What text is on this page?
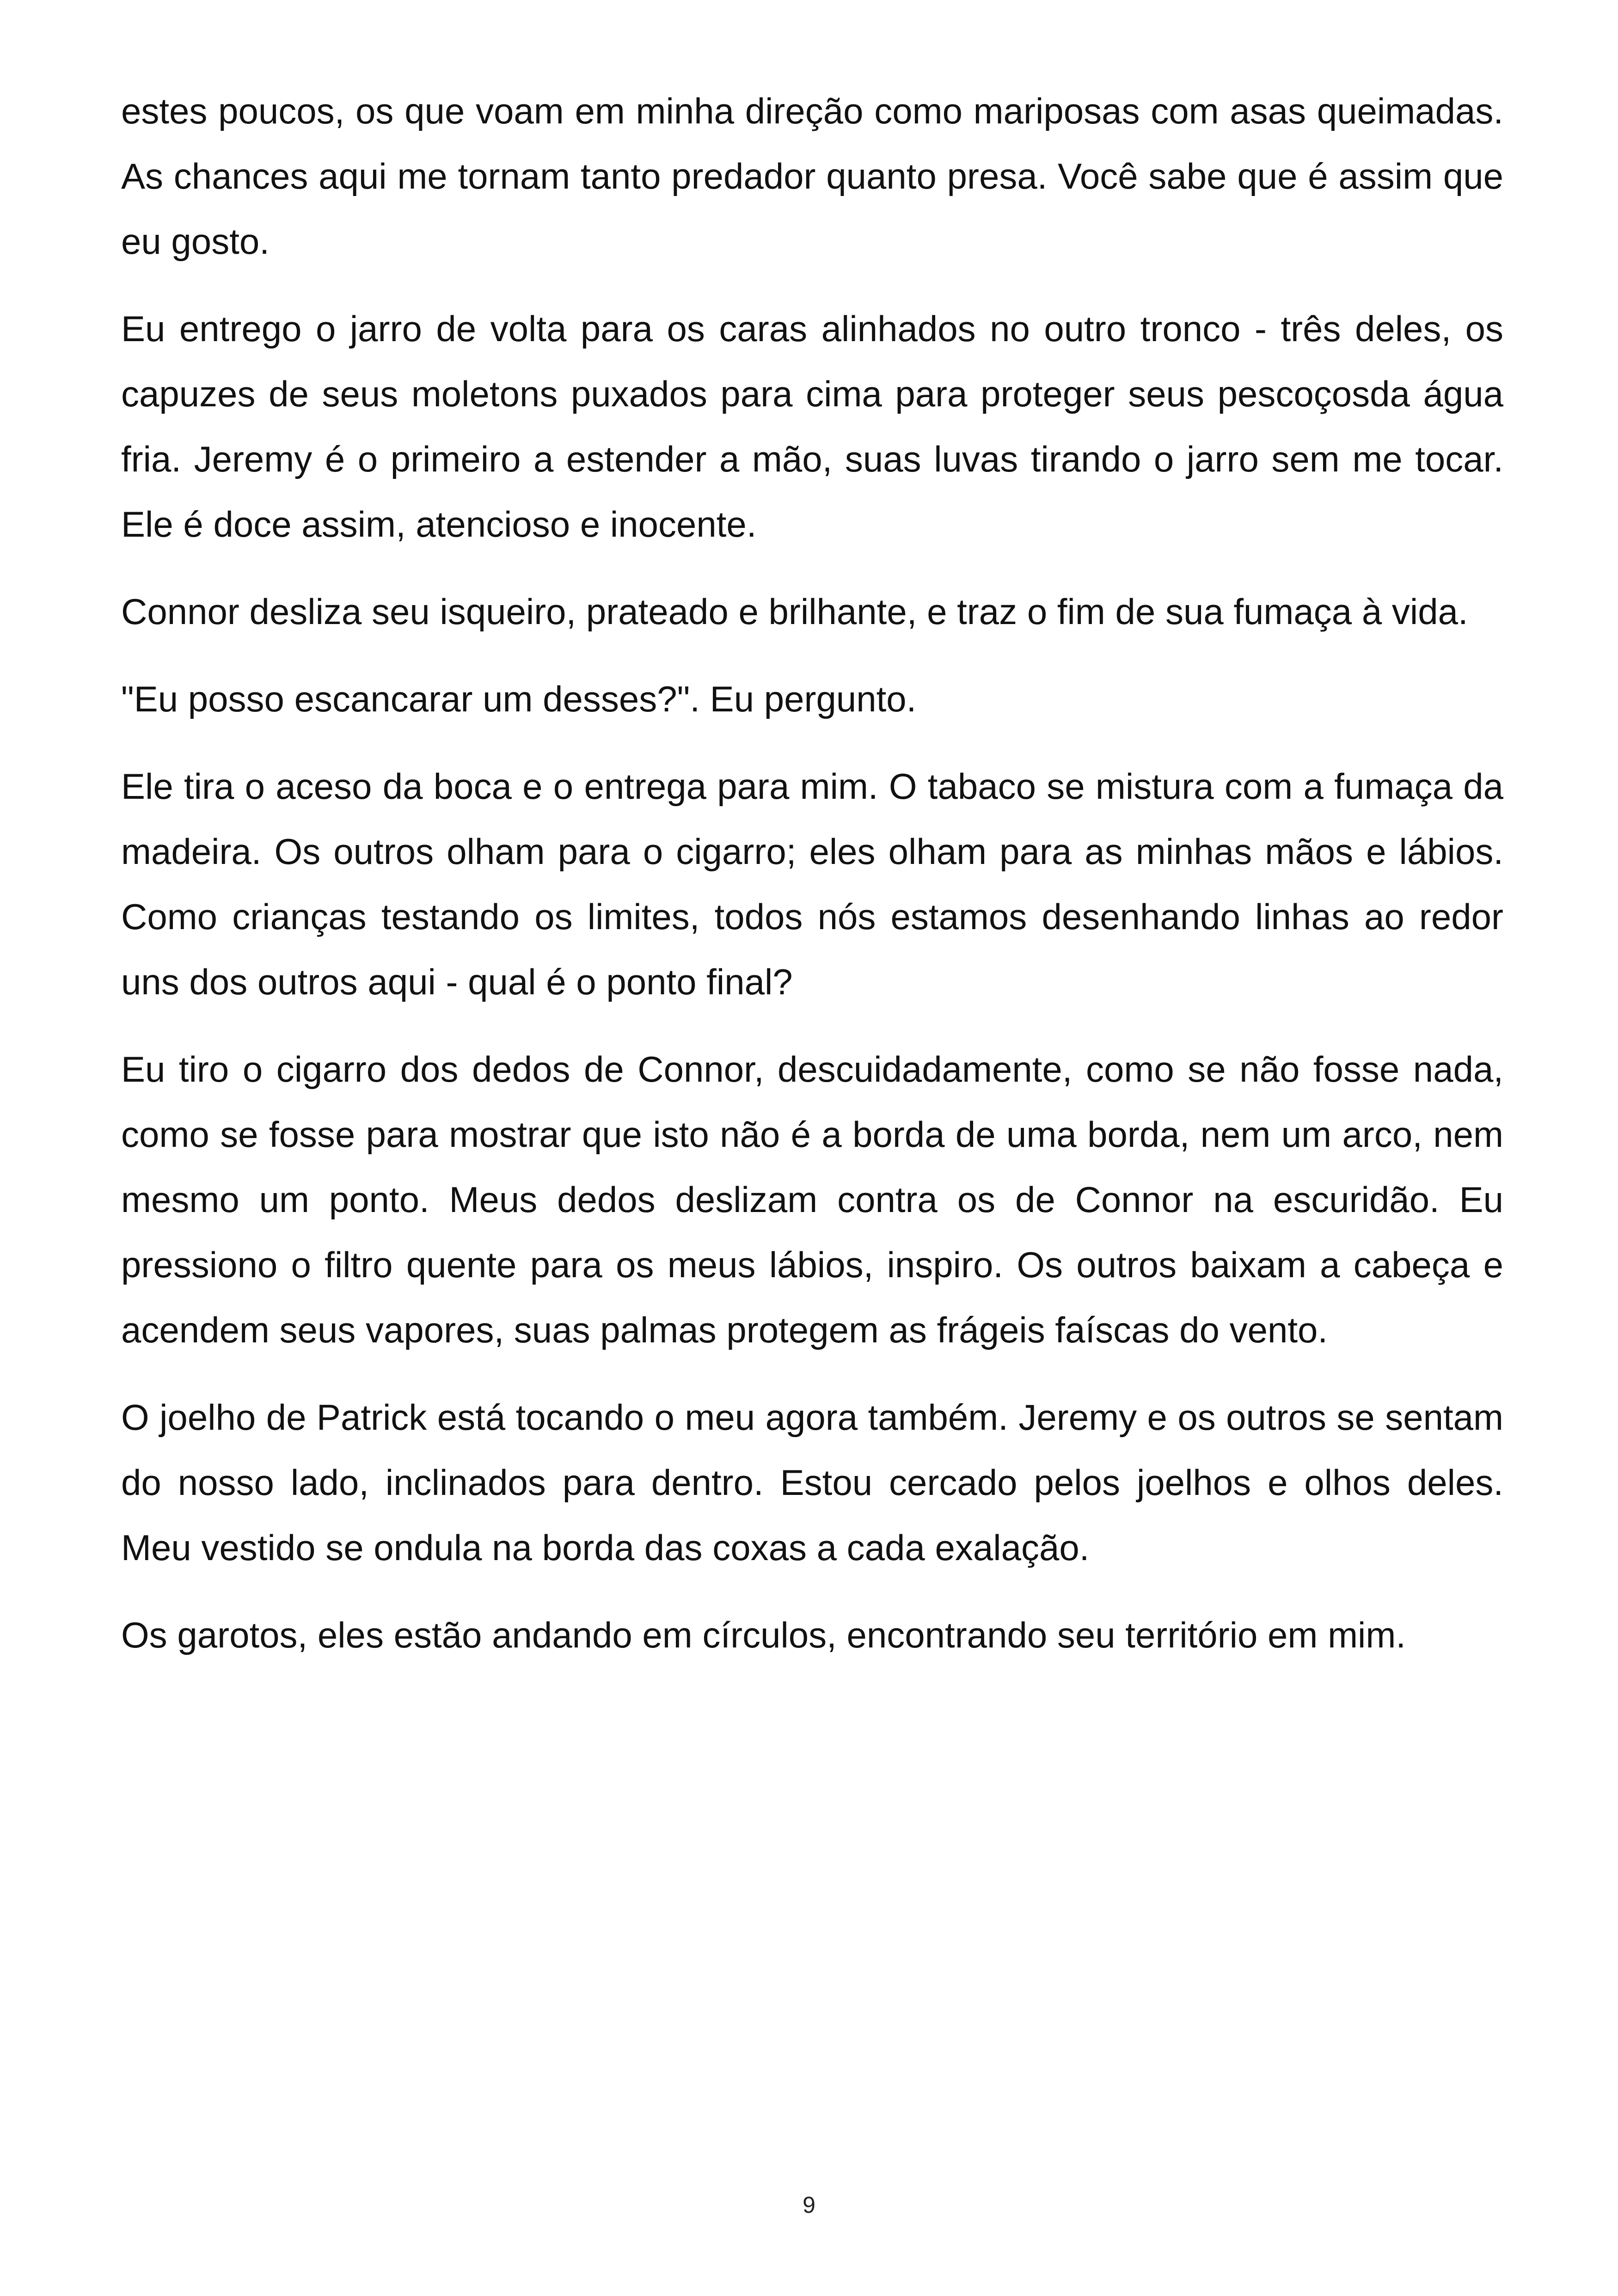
estes poucos, os que voam em minha direção como mariposas com asas queimadas. As chances aqui me tornam tanto predador quanto presa. Você sabe que é assim que eu gosto.

Eu entrego o jarro de volta para os caras alinhados no outro tronco - três deles, os capuzes de seus moletons puxados para cima para proteger seus pescoçosda água fria. Jeremy é o primeiro a estender a mão, suas luvas tirando o jarro sem me tocar. Ele é doce assim, atencioso e inocente.

Connor desliza seu isqueiro, prateado e brilhante, e traz o fim de sua fumaça à vida.

"Eu posso escancarar um desses?". Eu pergunto.

Ele tira o aceso da boca e o entrega para mim. O tabaco se mistura com a fumaça da madeira. Os outros olham para o cigarro; eles olham para as minhas mãos e lábios. Como crianças testando os limites, todos nós estamos desenhando linhas ao redor uns dos outros aqui - qual é o ponto final?

Eu tiro o cigarro dos dedos de Connor, descuidadamente, como se não fosse nada, como se fosse para mostrar que isto não é a borda de uma borda, nem um arco, nem mesmo um ponto. Meus dedos deslizam contra os de Connor na escuridão. Eu pressiono o filtro quente para os meus lábios, inspiro. Os outros baixam a cabeça e acendem seus vapores, suas palmas protegem as frágeis faíscas do vento.

O joelho de Patrick está tocando o meu agora também. Jeremy e os outros se sentam do nosso lado, inclinados para dentro. Estou cercado pelos joelhos e olhos deles. Meu vestido se ondula na borda das coxas a cada exalação.

Os garotos, eles estão andando em círculos, encontrando seu território em mim.

9
